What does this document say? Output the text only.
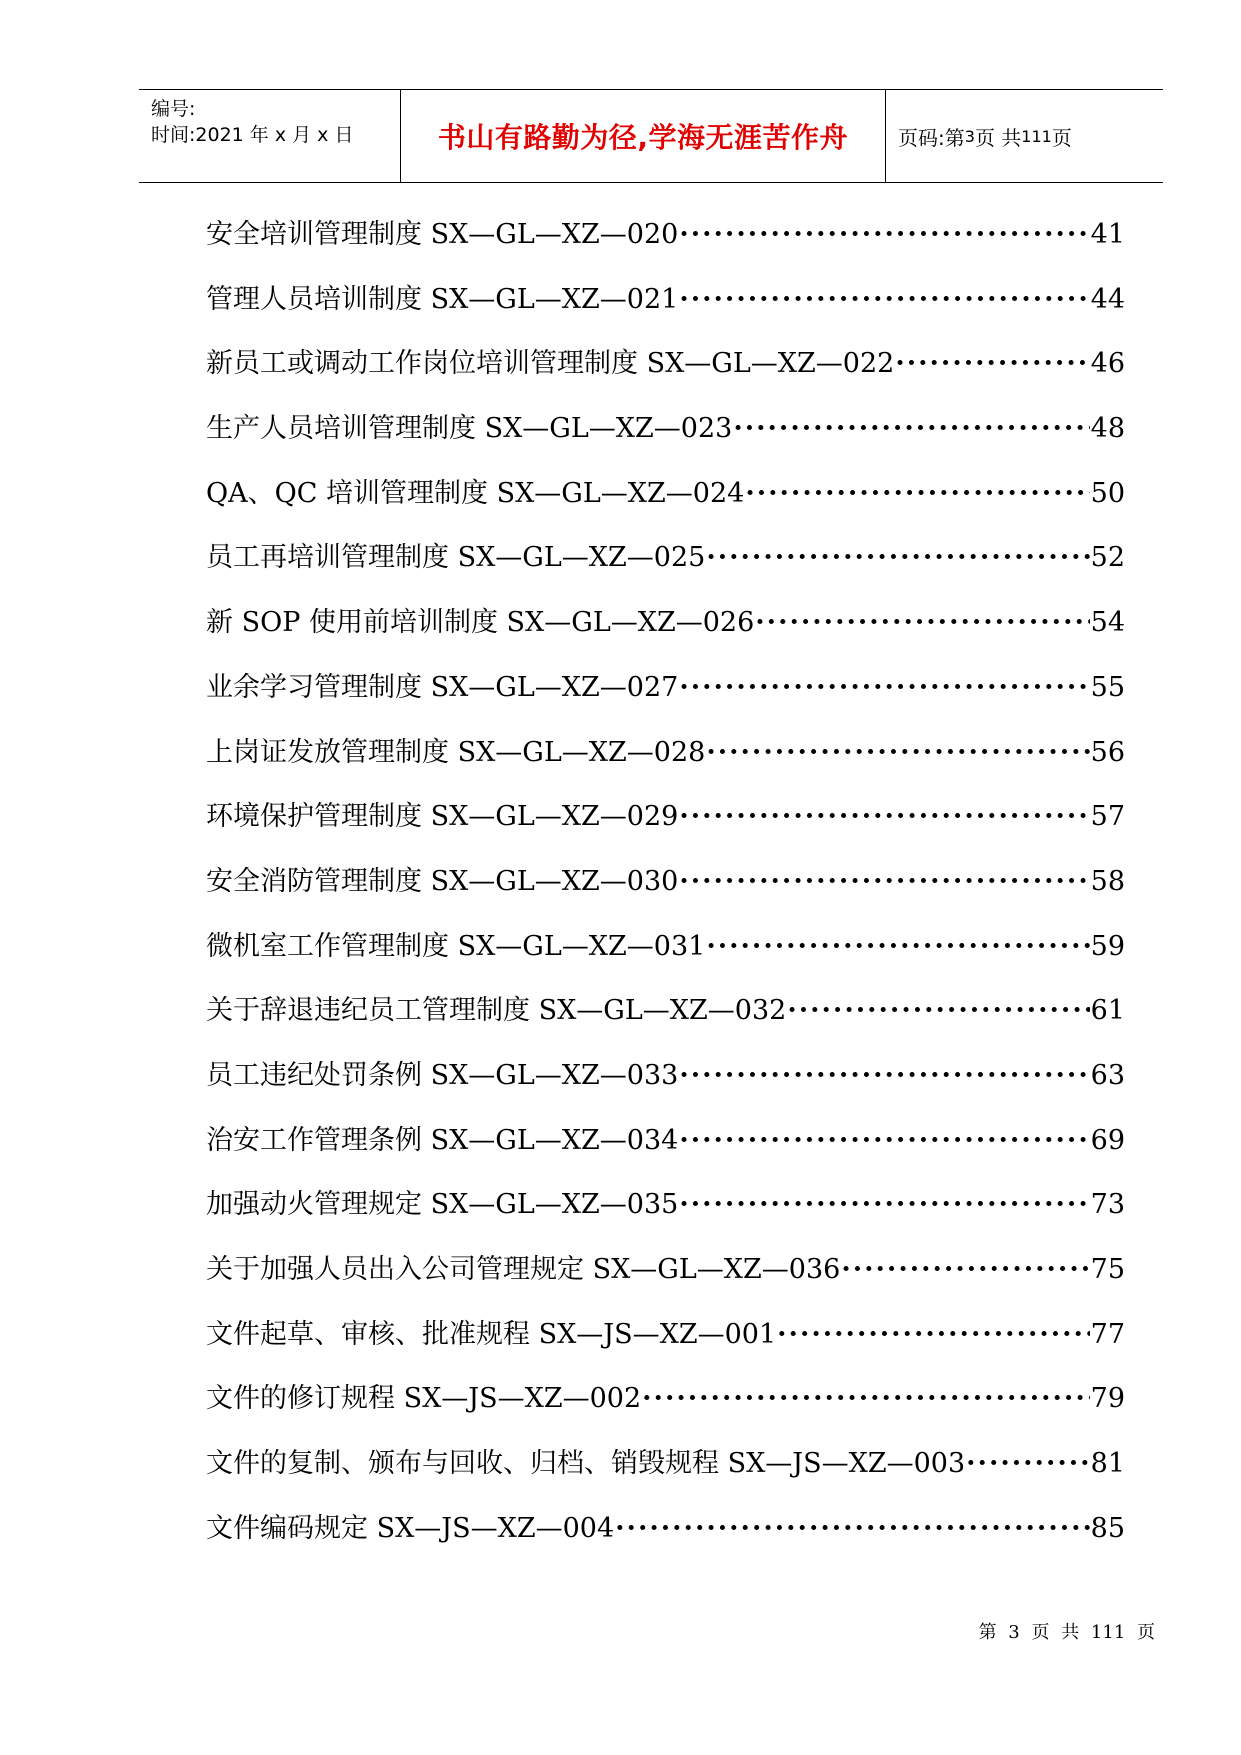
编号:
时间:2021 年 x 月 x 日	书山有路勤为径,学海无涯苦作舟	页码:第 3 页 共 111 页
安全培训管理制度 SX—GL—XZ—020 ·····	41
管理人员培训制度 SX—GL—XZ—021 ·····	44
新员工或调动工作岗位培训管理制度 SX—GL—XZ—022 ·····	46
生产人员培训管理制度 SX—GL—XZ—023 ·····	48
QA、QC 培训管理制度 SX—GL—XZ—024 ·····	50
员工再培训管理制度 SX—GL—XZ—025 ·····	52
新 SOP 使用前培训制度 SX—GL—XZ—026 ·····	54
业余学习管理制度 SX—GL—XZ—027 ·····	55
上岗证发放管理制度 SX—GL—XZ—028 ·····	56
环境保护管理制度 SX—GL—XZ—029 ·····	57
安全消防管理制度 SX—GL—XZ—030 ·····	58
微机室工作管理制度 SX—GL—XZ—031 ·····	59
关于辞退违纪员工管理制度 SX—GL—XZ—032 ·····	61
员工违纪处罚条例 SX—GL—XZ—033 ·····	63
治安工作管理条例 SX—GL—XZ—034 ·····	69
加强动火管理规定 SX—GL—XZ—035 ·····	73
关于加强人员出入公司管理规定 SX—GL—XZ—036 ·····	75
文件起草、审核、批准规程 SX—JS—XZ—001 ·····	77
文件的修订规程 SX—JS—XZ—002 ·····	79
文件的复制、颁布与回收、归档、销毁规程 SX—JS—XZ—003 ·····	81
文件编码规定 SX—JS—XZ—004 ·····	85
第 3 页 共 111 页
